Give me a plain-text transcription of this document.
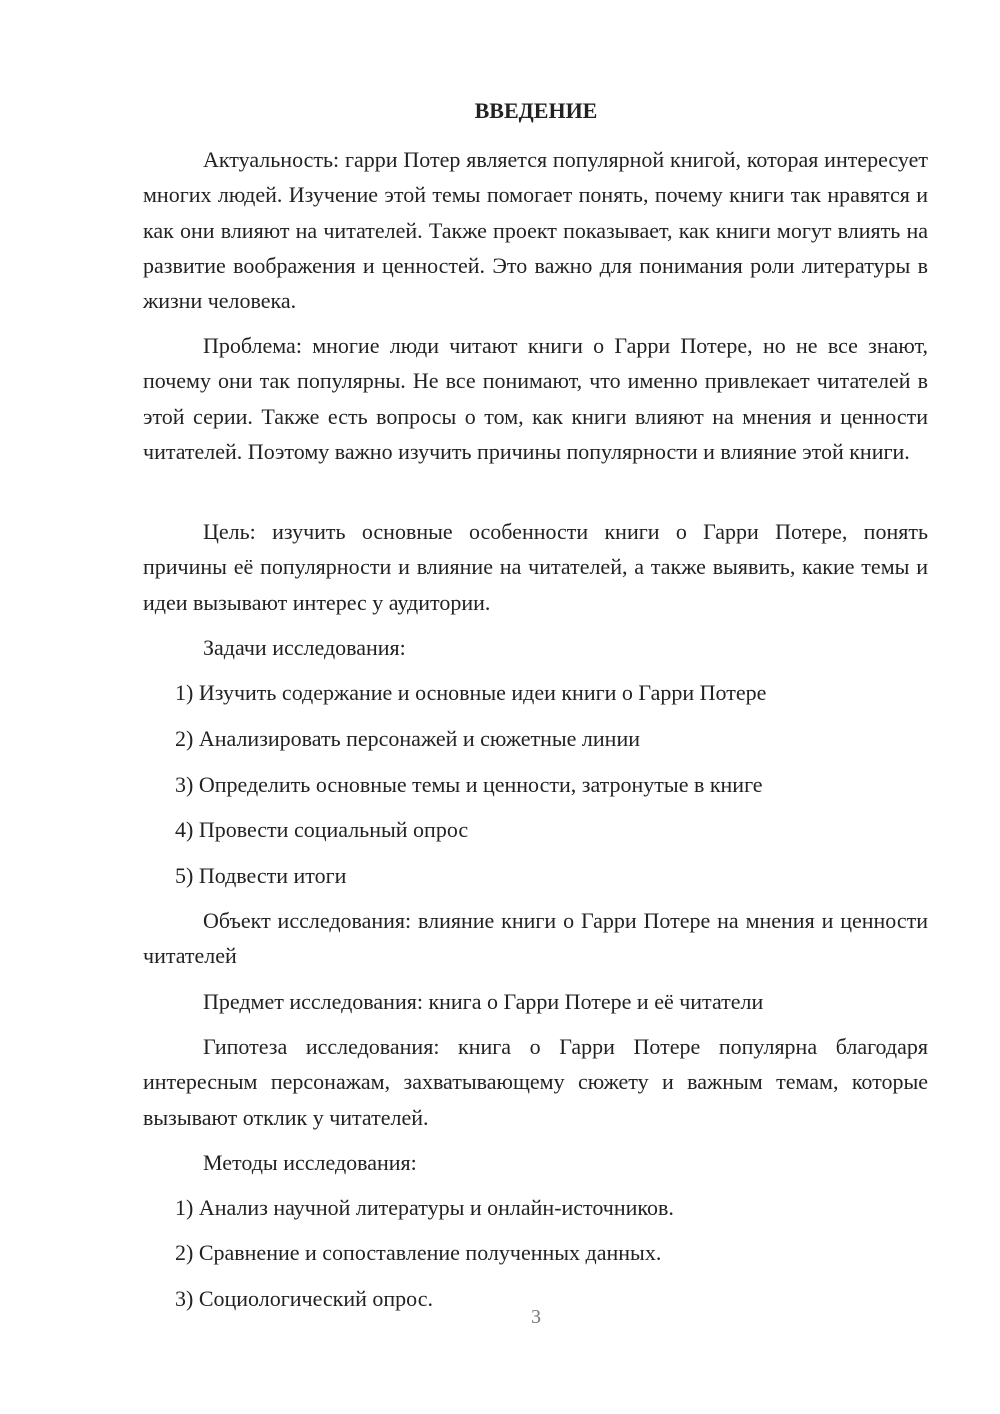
ВВЕДЕНИЕ

Актуальность: гарри Потер является популярной книгой, которая интересует многих людей. Изучение этой темы помогает понять, почему книги так нравятся и как они влияют на читателей. Также проект показывает, как книги могут влиять на развитие воображения и ценностей. Это важно для понимания роли литературы в жизни человека.

Проблема: многие люди читают книги о Гарри Потере, но не все знают, почему они так популярны. Не все понимают, что именно привлекает читателей в этой серии. Также есть вопросы о том, как книги влияют на мнения и ценности читателей. Поэтому важно изучить причины популярности и влияние этой книги.

Цель: изучить основные особенности книги о Гарри Потере, понять причины её популярности и влияние на читателей, а также выявить, какие темы и идеи вызывают интерес у аудитории.

Задачи исследования:

1) Изучить содержание и основные идеи книги о Гарри Потере

2) Анализировать персонажей и сюжетные линии

3) Определить основные темы и ценности, затронутые в книге

4) Провести социальный опрос

5) Подвести итоги

Объект исследования: влияние книги о Гарри Потере на мнения и ценности читателей

Предмет исследования: книга о Гарри Потере и её читатели

Гипотеза исследования: книга о Гарри Потере популярна благодаря интересным персонажам, захватывающему сюжету и важным темам, которые вызывают отклик у читателей.

Методы исследования:

1) Анализ научной литературы и онлайн-источников.

2) Сравнение и сопоставление полученных данных.

3) Социологический опрос.

3
